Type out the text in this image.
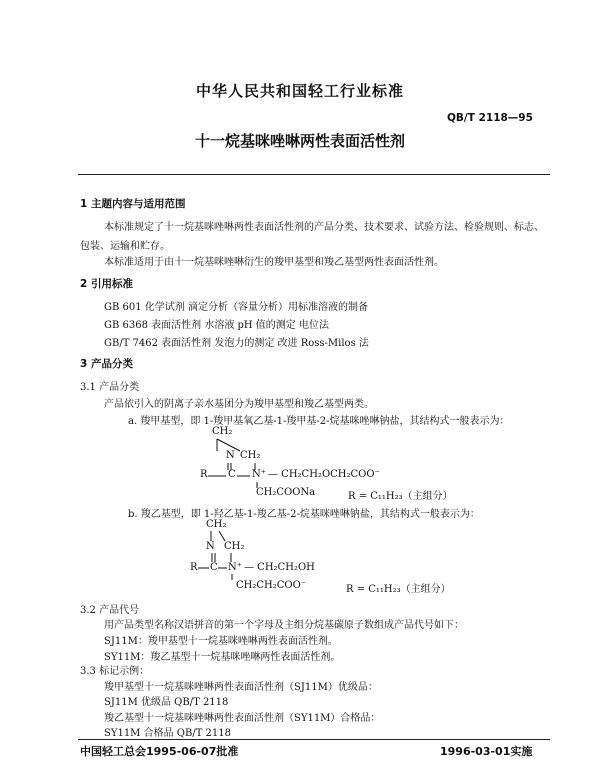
中华人民共和国轻工行业标准
QB/T 2118—95
十一烷基咪唑啉两性表面活性剂
1 主题内容与适用范围
本标准规定了十一烷基咪唑啉两性表面活性剂的产品分类、技术要求、试验方法、检验规则、标志、
包装、运输和贮存。
本标准适用于由十一烷基咪唑啉衍生的羧甲基型和羧乙基型两性表面活性剂。
2 引用标准
GB 601 化学试剂 滴定分析（容量分析）用标准溶液的制备
GB 6368 表面活性剂 水溶液 pH 值的测定 电位法
GB/T 7462 表面活性剂 发泡力的测定 改进 Ross-Milos 法
3 产品分类
3.1 产品分类
产品依引入的阴离子亲水基团分为羧甲基型和羧乙基型两类。
a. 羧甲基型，即 1-羧甲基氧乙基-1-羧甲基-2-烷基咪唑啉钠盐，其结构式一般表示为：
CH₂
N CH₂
R C N⁺ — CH₂CH₂OCH₂COO⁻
CH₂COONa	R = C₁₁H₂₃（主组分）
b. 羧乙基型，即 1-羟乙基-1-羧乙基-2-烷基咪唑啉钠盐，其结构式一般表示为：
CH₂
N CH₂
R C N⁺ — CH₂CH₂OH
CH₂CH₂COO⁻	R = C₁₁H₂₃（主组分）
3.2 产品代号
用产品类型名称汉语拼音的第一个字母及主组分烷基碳原子数组成产品代号如下：
SJ11M：羧甲基型十一烷基咪唑啉两性表面活性剂。
SY11M：羧乙基型十一烷基咪唑啉两性表面活性剂。
3.3 标记示例：
羧甲基型十一烷基咪唑啉两性表面活性剂（SJ11M）优级品：
SJ11M 优级品 QB/T 2118
羧乙基型十一烷基咪唑啉两性表面活性剂（SY11M）合格品：
SY11M 合格品 QB/T 2118
中国轻工总会1995-06-07批准	1996-03-01实施
